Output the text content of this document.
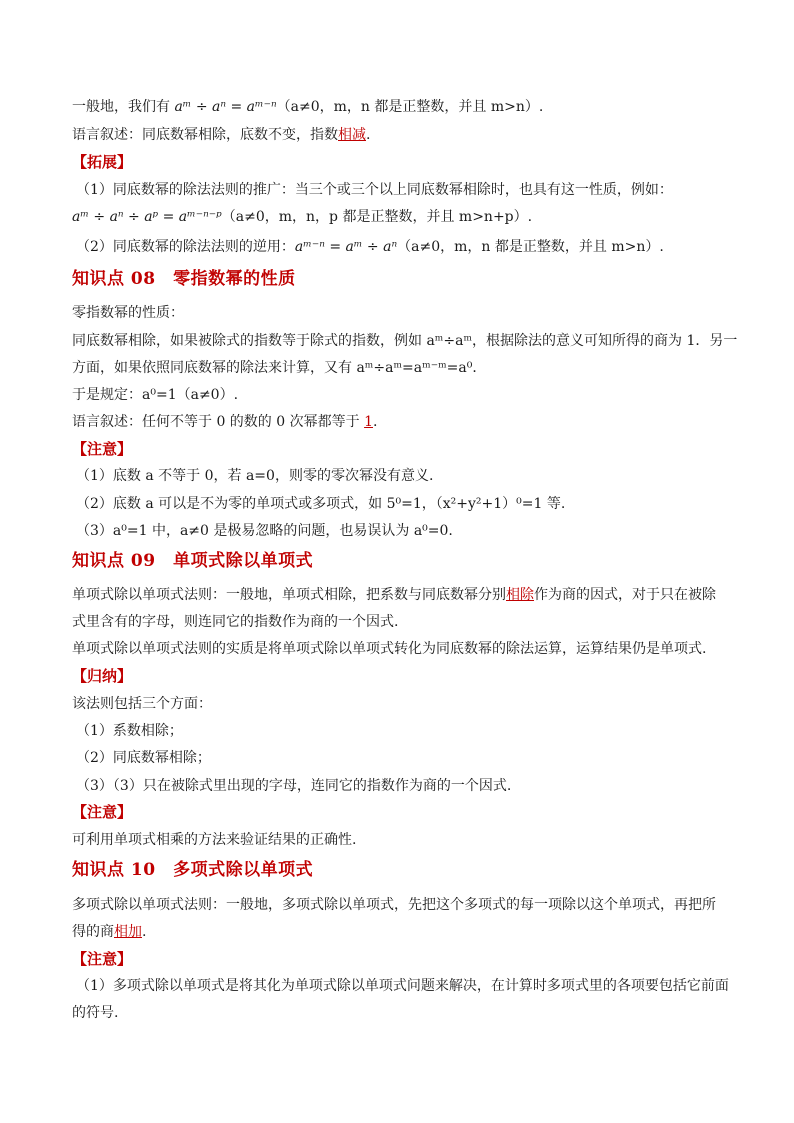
一般地，我们有 aᵐ ÷ aⁿ = aᵐ⁻ⁿ（a≠0，m，n 都是正整数，并且 m>n）.
语言叙述：同底数幂相除，底数不变，指数相减.
【拓展】
（1）同底数幂的除法法则的推广：当三个或三个以上同底数幂相除时，也具有这一性质，例如：
aᵐ ÷ aⁿ ÷ aᵖ = aᵐ⁻ⁿ⁻ᵖ（a≠0，m，n，p 都是正整数，并且 m>n+p）.
（2）同底数幂的除法法则的逆用：aᵐ⁻ⁿ = aᵐ ÷ aⁿ（a≠0，m，n 都是正整数，并且 m>n）.
知识点 08　零指数幂的性质
零指数幂的性质：
同底数幂相除，如果被除式的指数等于除式的指数，例如 aᵐ÷aᵐ，根据除法的意义可知所得的商为 1．另一
方面，如果依照同底数幂的除法来计算，又有 aᵐ÷aᵐ=aᵐ⁻ᵐ=a⁰．
于是规定：a⁰=1（a≠0）.
语言叙述：任何不等于 0 的数的 0 次幂都等于 1.
【注意】
（1）底数 a 不等于 0，若 a=0，则零的零次幂没有意义.
（2）底数 a 可以是不为零的单项式或多项式，如 5⁰=1，（x²+y²+1）⁰=1 等.
（3）a⁰=1 中，a≠0 是极易忽略的问题，也易误认为 a⁰=0.
知识点 09　单项式除以单项式
单项式除以单项式法则：一般地，单项式相除，把系数与同底数幂分别相除作为商的因式，对于只在被除
式里含有的字母，则连同它的指数作为商的一个因式.
单项式除以单项式法则的实质是将单项式除以单项式转化为同底数幂的除法运算，运算结果仍是单项式.
【归纳】
该法则包括三个方面：
（1）系数相除；
（2）同底数幂相除；
（3）（3）只在被除式里出现的字母，连同它的指数作为商的一个因式.
【注意】
可利用单项式相乘的方法来验证结果的正确性.
知识点 10　多项式除以单项式
多项式除以单项式法则：一般地，多项式除以单项式，先把这个多项式的每一项除以这个单项式，再把所
得的商相加.
【注意】
（1）多项式除以单项式是将其化为单项式除以单项式问题来解决，在计算时多项式里的各项要包括它前面
的符号.
